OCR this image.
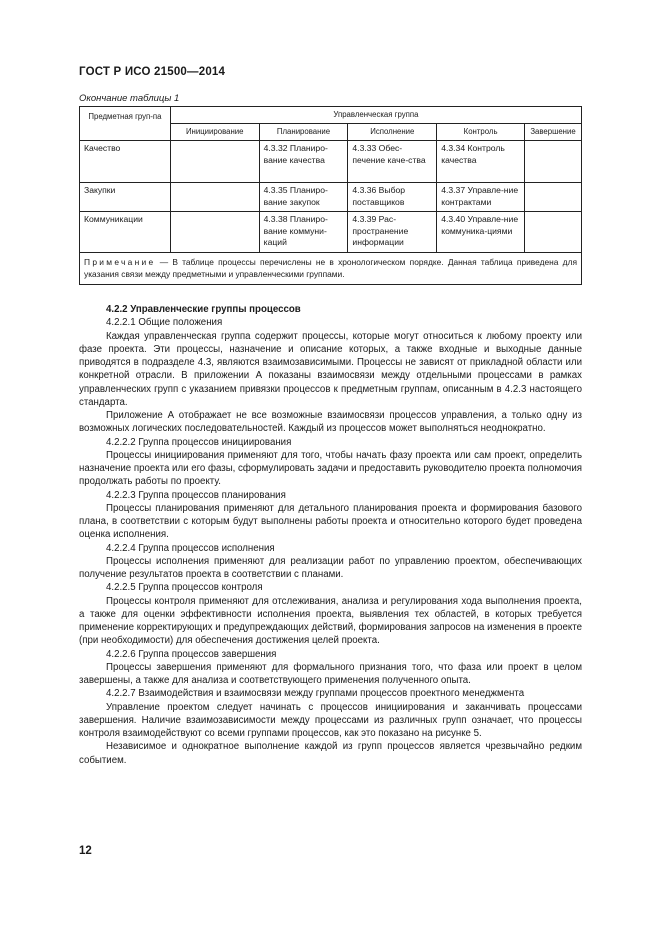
ГОСТ Р ИСО 21500—2014
Окончание таблицы 1
Предметная груп-па	Управленческая группа				
	Инициирование	Планирование	Исполнение	Контроль	Завершение
Качество		4.3.32 Планиро-вание качества	4.3.33 Обес-печение каче-ства	4.3.34 Контроль качества	
Закупки		4.3.35 Планиро-вание закупок	4.3.36 Выбор поставщиков	4.3.37 Управле-ние контрактами	
Коммуникации		4.3.38 Планиро-вание коммуни-каций	4.3.39 Рас-пространение информации	4.3.40 Управле-ние коммуника-циями	
Примечание — В таблице процессы перечислены не в хронологическом порядке. Данная таблица приведена для указания связи между предметными и управленческими группами.					

4.2.2 Управленческие группы процессов

4.2.2.1 Общие положения

Каждая управленческая группа содержит процессы, которые могут относиться к любому проекту или фазе проекта. Эти процессы, назначение и описание которых, а также входные и выходные данные приводятся в подразделе 4.3, являются взаимозависимыми. Процессы не зависят от прикладной области или конкретной отрасли. В приложении А показаны взаимосвязи между отдельными процессами в рамках управленческих групп с указанием привязки процессов к предметным группам, описанным в 4.2.3 настоящего стандарта.

Приложение А отображает не все возможные взаимосвязи процессов управления, а только одну из возможных логических последовательностей. Каждый из процессов может выполняться неоднократно.

4.2.2.2 Группа процессов инициирования

Процессы инициирования применяют для того, чтобы начать фазу проекта или сам проект, определить назначение проекта или его фазы, сформулировать задачи и предоставить руководителю проекта полномочия продолжать работы по проекту.

4.2.2.3 Группа процессов планирования

Процессы планирования применяют для детального планирования проекта и формирования базового плана, в соответствии с которым будут выполнены работы проекта и относительно которого будет проведена оценка исполнения.

4.2.2.4 Группа процессов исполнения

Процессы исполнения применяют для реализации работ по управлению проектом, обеспечивающих получение результатов проекта в соответствии с планами.

4.2.2.5 Группа процессов контроля

Процессы контроля применяют для отслеживания, анализа и регулирования хода выполнения проекта, а также для оценки эффективности исполнения проекта, выявления тех областей, в которых требуется применение корректирующих и предупреждающих действий, формирования запросов на изменения в проекте (при необходимости) для обеспечения достижения целей проекта.

4.2.2.6 Группа процессов завершения

Процессы завершения применяют для формального признания того, что фаза или проект в целом завершены, а также для анализа и соответствующего применения полученного опыта.

4.2.2.7 Взаимодействия и взаимосвязи между группами процессов проектного менеджмента

Управление проектом следует начинать с процессов инициирования и заканчивать процессами завершения. Наличие взаимозависимости между процессами из различных групп означает, что процессы контроля взаимодействуют со всеми группами процессов, как это показано на рисунке 5.

Независимое и однократное выполнение каждой из групп процессов является чрезвычайно редким событием.

12
